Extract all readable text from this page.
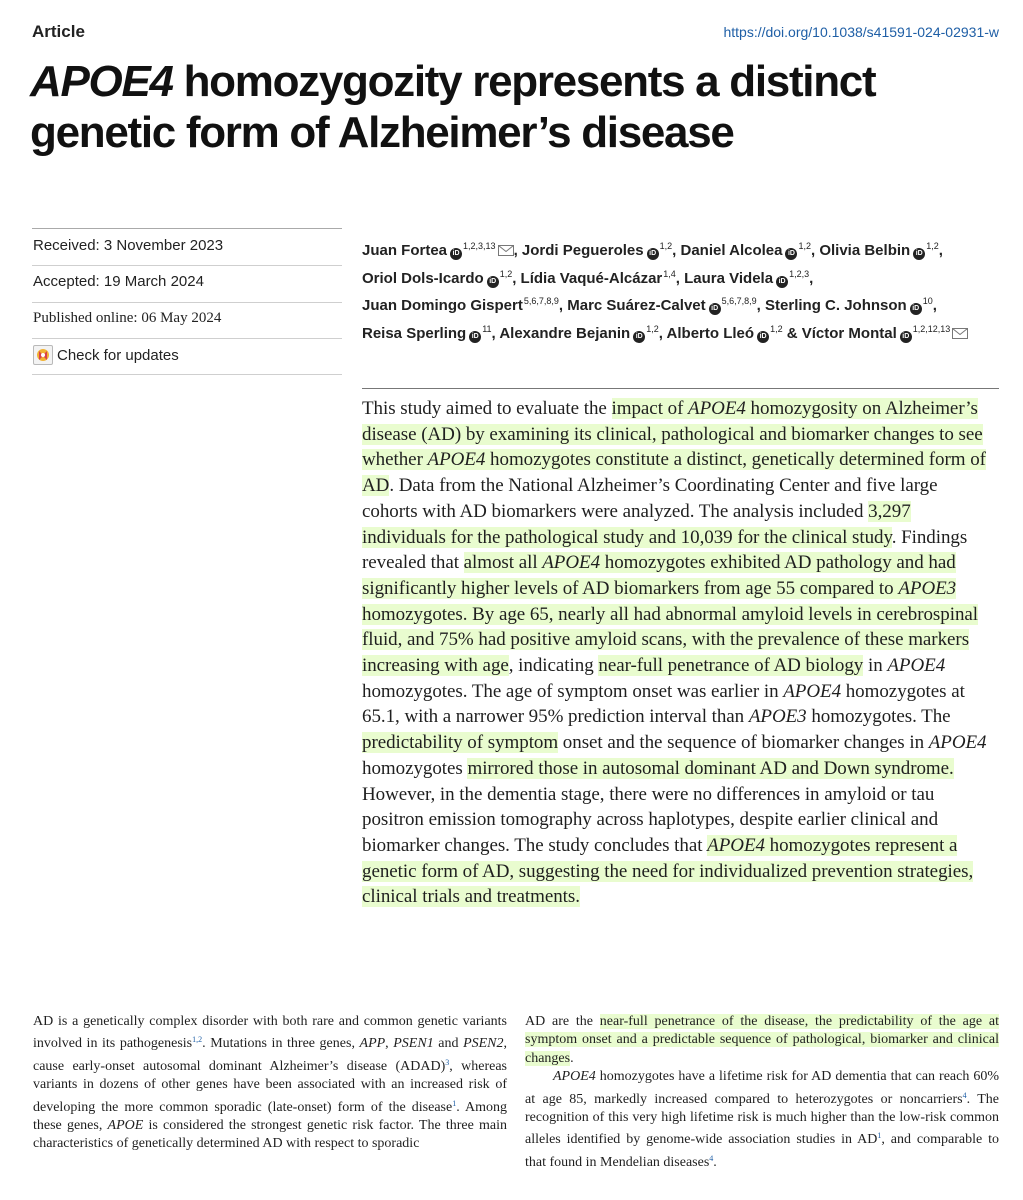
Article	https://doi.org/10.1038/s41591-024-02931-w
APOE4 homozygozity represents a distinct genetic form of Alzheimer’s disease
Received: 3 November 2023
Accepted: 19 March 2024
Published online: 06 May 2024
Check for updates
Juan Fortea iD$^{1,2,3,13}$ , Jordi Pegueroles iD$^{1,2}$, Daniel Alcolea iD$^{1,2}$, Olivia Belbin iD$^{1,2}$, Oriol Dols-Icardo iD$^{1,2}$, Lídia Vaqué-Alcázar$^{1,4}$, Laura Videla iD$^{1,2,3}$, Juan Domingo Gispert$^{5,6,7,8,9}$, Marc Suárez-Calvet iD$^{5,6,7,8,9}$, Sterling C. Johnson $iD^{10}$, Reisa Sperling $iD^{11}$, Alexandre Bejanin iD$^{1,2}$, Alberto Lleó iD$^{1,2}$ & Víctor Montal iD$^{1,2,12,13}$

This study aimed to evaluate the impact of APOE4 homozygosity on Alzheimer’s disease (AD) by examining its clinical, pathological and biomarker changes to see whether APOE4 homozygotes constitute a distinct, genetically determined form of AD. Data from the National Alzheimer’s Coordinating Center and five large cohorts with AD biomarkers were analyzed. The analysis included 3,297 individuals for the pathological study and 10,039 for the clinical study. Findings revealed that almost all APOE4 homozygotes exhibited AD pathology and had significantly higher levels of AD biomarkers from age 55 compared to APOE3 homozygotes. By age 65, nearly all had abnormal amyloid levels in cerebrospinal fluid, and 75% had positive amyloid scans, with the prevalence of these markers increasing with age, indicating near-full penetrance of AD biology in APOE4 homozygotes. The age of symptom onset was earlier in APOE4 homozygotes at 65.1, with a narrower 95% prediction interval than APOE3 homozygotes. The predictability of symptom onset and the sequence of biomarker changes in APOE4 homozygotes mirrored those in autosomal dominant AD and Down syndrome. However, in the dementia stage, there were no differences in amyloid or tau positron emission tomography across haplotypes, despite earlier clinical and biomarker changes. The study concludes that APOE4 homozygotes represent a genetic form of AD, suggesting the need for individualized prevention strategies, clinical trials and treatments.

AD is a genetically complex disorder with both rare and common genetic variants involved in its pathogenesis$^{1,2}$. Mutations in three genes, APP, PSEN1 and PSEN2, cause early-onset autosomal dominant Alzheimer’s disease (ADAD)$^3$, whereas variants in dozens of other genes have been associated with an increased risk of developing the more common sporadic (late-onset) form of the disease$^1$. Among these genes, APOE is considered the strongest genetic risk factor. The three main characteristics of genetically determined AD with respect to sporadic

AD are the near-full penetrance of the disease, the predictability of the age at symptom onset and a predictable sequence of pathological, biomarker and clinical changes.
APOE4 homozygotes have a lifetime risk for AD dementia that can reach 60% at age 85, markedly increased compared to heterozygotes or noncarriers$^4$. The recognition of this very high lifetime risk is much higher than the low-risk common alleles identified by genome-wide association studies in $AD^1$, and comparable to that found in Mendelian diseases$^4$.
